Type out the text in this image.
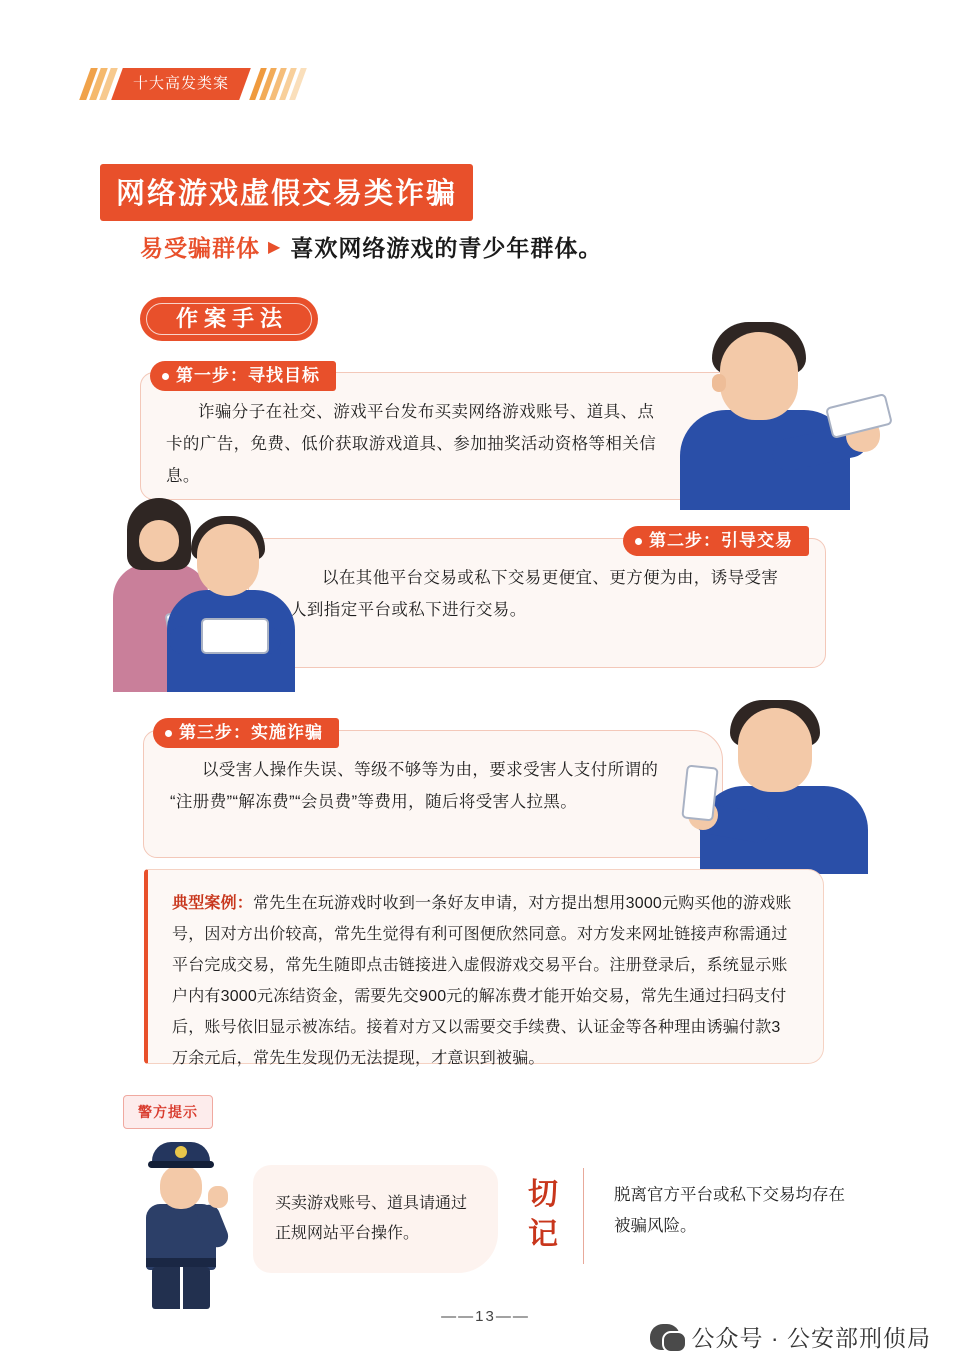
十大高发类案
网络游戏虚假交易类诈骗
易受骗群体 ▶ 喜欢网络游戏的青少年群体。
作案手法
第一步：寻找目标
诈骗分子在社交、游戏平台发布买卖网络游戏账号、道具、点卡的广告，免费、低价获取游戏道具、参加抽奖活动资格等相关信息。
第二步：引导交易
以在其他平台交易或私下交易更便宜、更方便为由，诱导受害人到指定平台或私下进行交易。
第三步：实施诈骗
以受害人操作失误、等级不够等为由，要求受害人支付所谓的“注册费”“解冻费”“会员费”等费用，随后将受害人拉黑。
典型案例：常先生在玩游戏时收到一条好友申请，对方提出想用3000元购买他的游戏账号，因对方出价较高，常先生觉得有利可图便欣然同意。对方发来网址链接声称需通过平台完成交易，常先生随即点击链接进入虚假游戏交易平台。注册登录后，系统显示账户内有3000元冻结资金，需要先交900元的解冻费才能开始交易，常先生通过扫码支付后，账号依旧显示被冻结。接着对方又以需要交手续费、认证金等各种理由诱骗付款3万余元后，常先生发现仍无法提现，才意识到被骗。
警方提示

买卖游戏账号、道具请通过正规网站平台操作。

切记
脱离官方平台或私下交易均存在被骗风险。
——13——
公众号 · 公安部刑侦局
